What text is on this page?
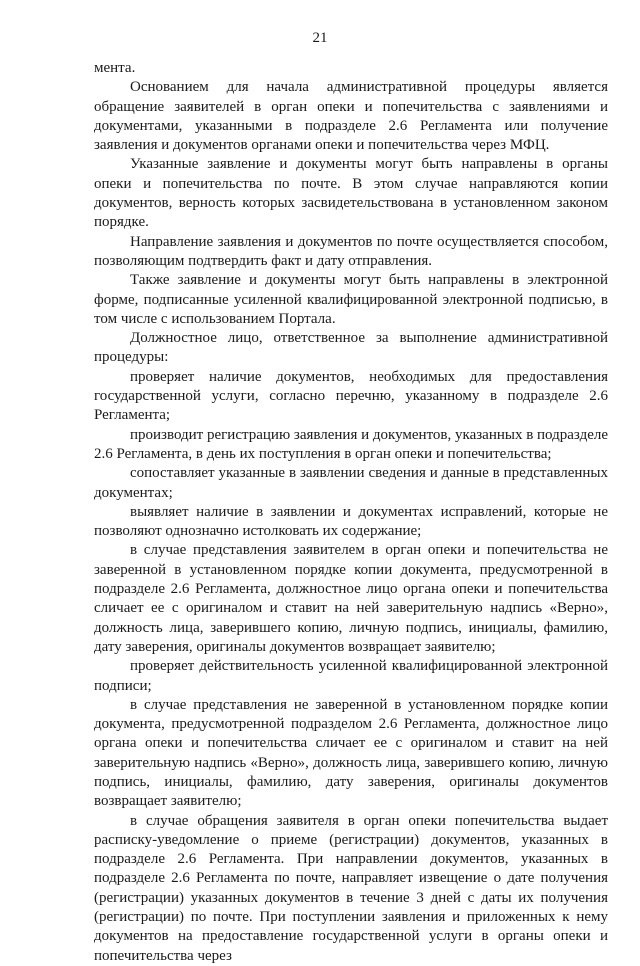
21

мента.

Основанием для начала административной процедуры является обращение заявителей в орган опеки и попечительства с заявлениями и документами, указанными в подразделе 2.6 Регламента или получение заявления и документов органами опеки и попечительства через МФЦ.

Указанные заявление и документы могут быть направлены в органы опеки и попечительства по почте. В этом случае направляются копии документов, верность которых засвидетельствована в установленном законом порядке.

Направление заявления и документов по почте осуществляется способом, позволяющим подтвердить факт и дату отправления.

Также заявление и документы могут быть направлены в электронной форме, подписанные усиленной квалифицированной электронной подписью, в том числе с использованием Портала.

Должностное лицо, ответственное за выполнение административной процедуры:

проверяет наличие документов, необходимых для предоставления государственной услуги, согласно перечню, указанному в подразделе 2.6 Регламента;

производит регистрацию заявления и документов, указанных в подразделе 2.6 Регламента, в день их поступления в орган опеки и попечительства;

сопоставляет указанные в заявлении сведения и данные в представленных документах;

выявляет наличие в заявлении и документах исправлений, которые не позволяют однозначно истолковать их содержание;

в случае представления заявителем в орган опеки и попечительства не заверенной в установленном порядке копии документа, предусмотренной в подразделе 2.6 Регламента, должностное лицо органа опеки и попечительства сличает ее с оригиналом и ставит на ней заверительную надпись «Верно», должность лица, заверившего копию, личную подпись, инициалы, фамилию, дату заверения, оригиналы документов возвращает заявителю;

проверяет действительность усиленной квалифицированной электронной подписи;

в случае представления не заверенной в установленном порядке копии документа, предусмотренной подразделом 2.6 Регламента, должностное лицо органа опеки и попечительства сличает ее с оригиналом и ставит на ней заверительную надпись «Верно», должность лица, заверившего копию, личную подпись, инициалы, фамилию, дату заверения, оригиналы документов возвращает заявителю;

в случае обращения заявителя в орган опеки попечительства выдает расписку-уведомление о приеме (регистрации) документов, указанных в подразделе 2.6 Регламента. При направлении документов, указанных в подразделе 2.6 Регламента по почте, направляет извещение о дате получения (регистрации) указанных документов в течение 3 дней с даты их получения (регистрации) по почте. При поступлении заявления и приложенных к нему документов на предоставление государственной услуги в органы опеки и попечительства через
